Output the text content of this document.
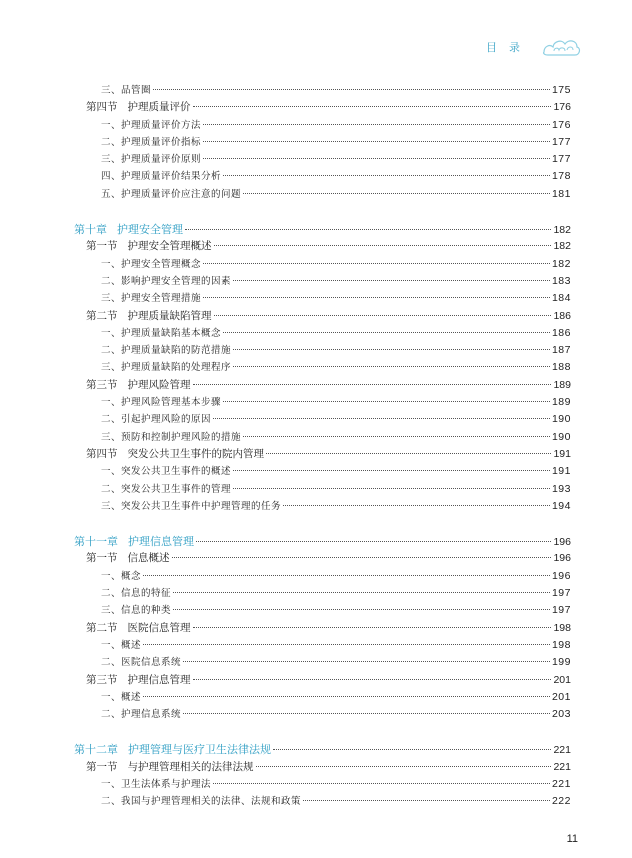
目录
三、品管圈	175
第四节 护理质量评价	176
一、护理质量评价方法	176
二、护理质量评价指标	177
三、护理质量评价原则	177
四、护理质量评价结果分析	178
五、护理质量评价应注意的问题	181
第十章 护理安全管理	182
第一节 护理安全管理概述	182
一、护理安全管理概念	182
二、影响护理安全管理的因素	183
三、护理安全管理措施	184
第二节 护理质量缺陷管理	186
一、护理质量缺陷基本概念	186
二、护理质量缺陷的防范措施	187
三、护理质量缺陷的处理程序	188
第三节 护理风险管理	189
一、护理风险管理基本步骤	189
二、引起护理风险的原因	190
三、预防和控制护理风险的措施	190
第四节 突发公共卫生事件的院内管理	191
一、突发公共卫生事件的概述	191
二、突发公共卫生事件的管理	193
三、突发公共卫生事件中护理管理的任务	194
第十一章 护理信息管理	196
第一节 信息概述	196
一、概念	196
二、信息的特征	197
三、信息的种类	197
第二节 医院信息管理	198
一、概述	198
二、医院信息系统	199
第三节 护理信息管理	201
一、概述	201
二、护理信息系统	203
第十二章 护理管理与医疗卫生法律法规	221
第一节 与护理管理相关的法律法规	221
一、卫生法体系与护理法	221
二、我国与护理管理相关的法律、法规和政策	222
11
